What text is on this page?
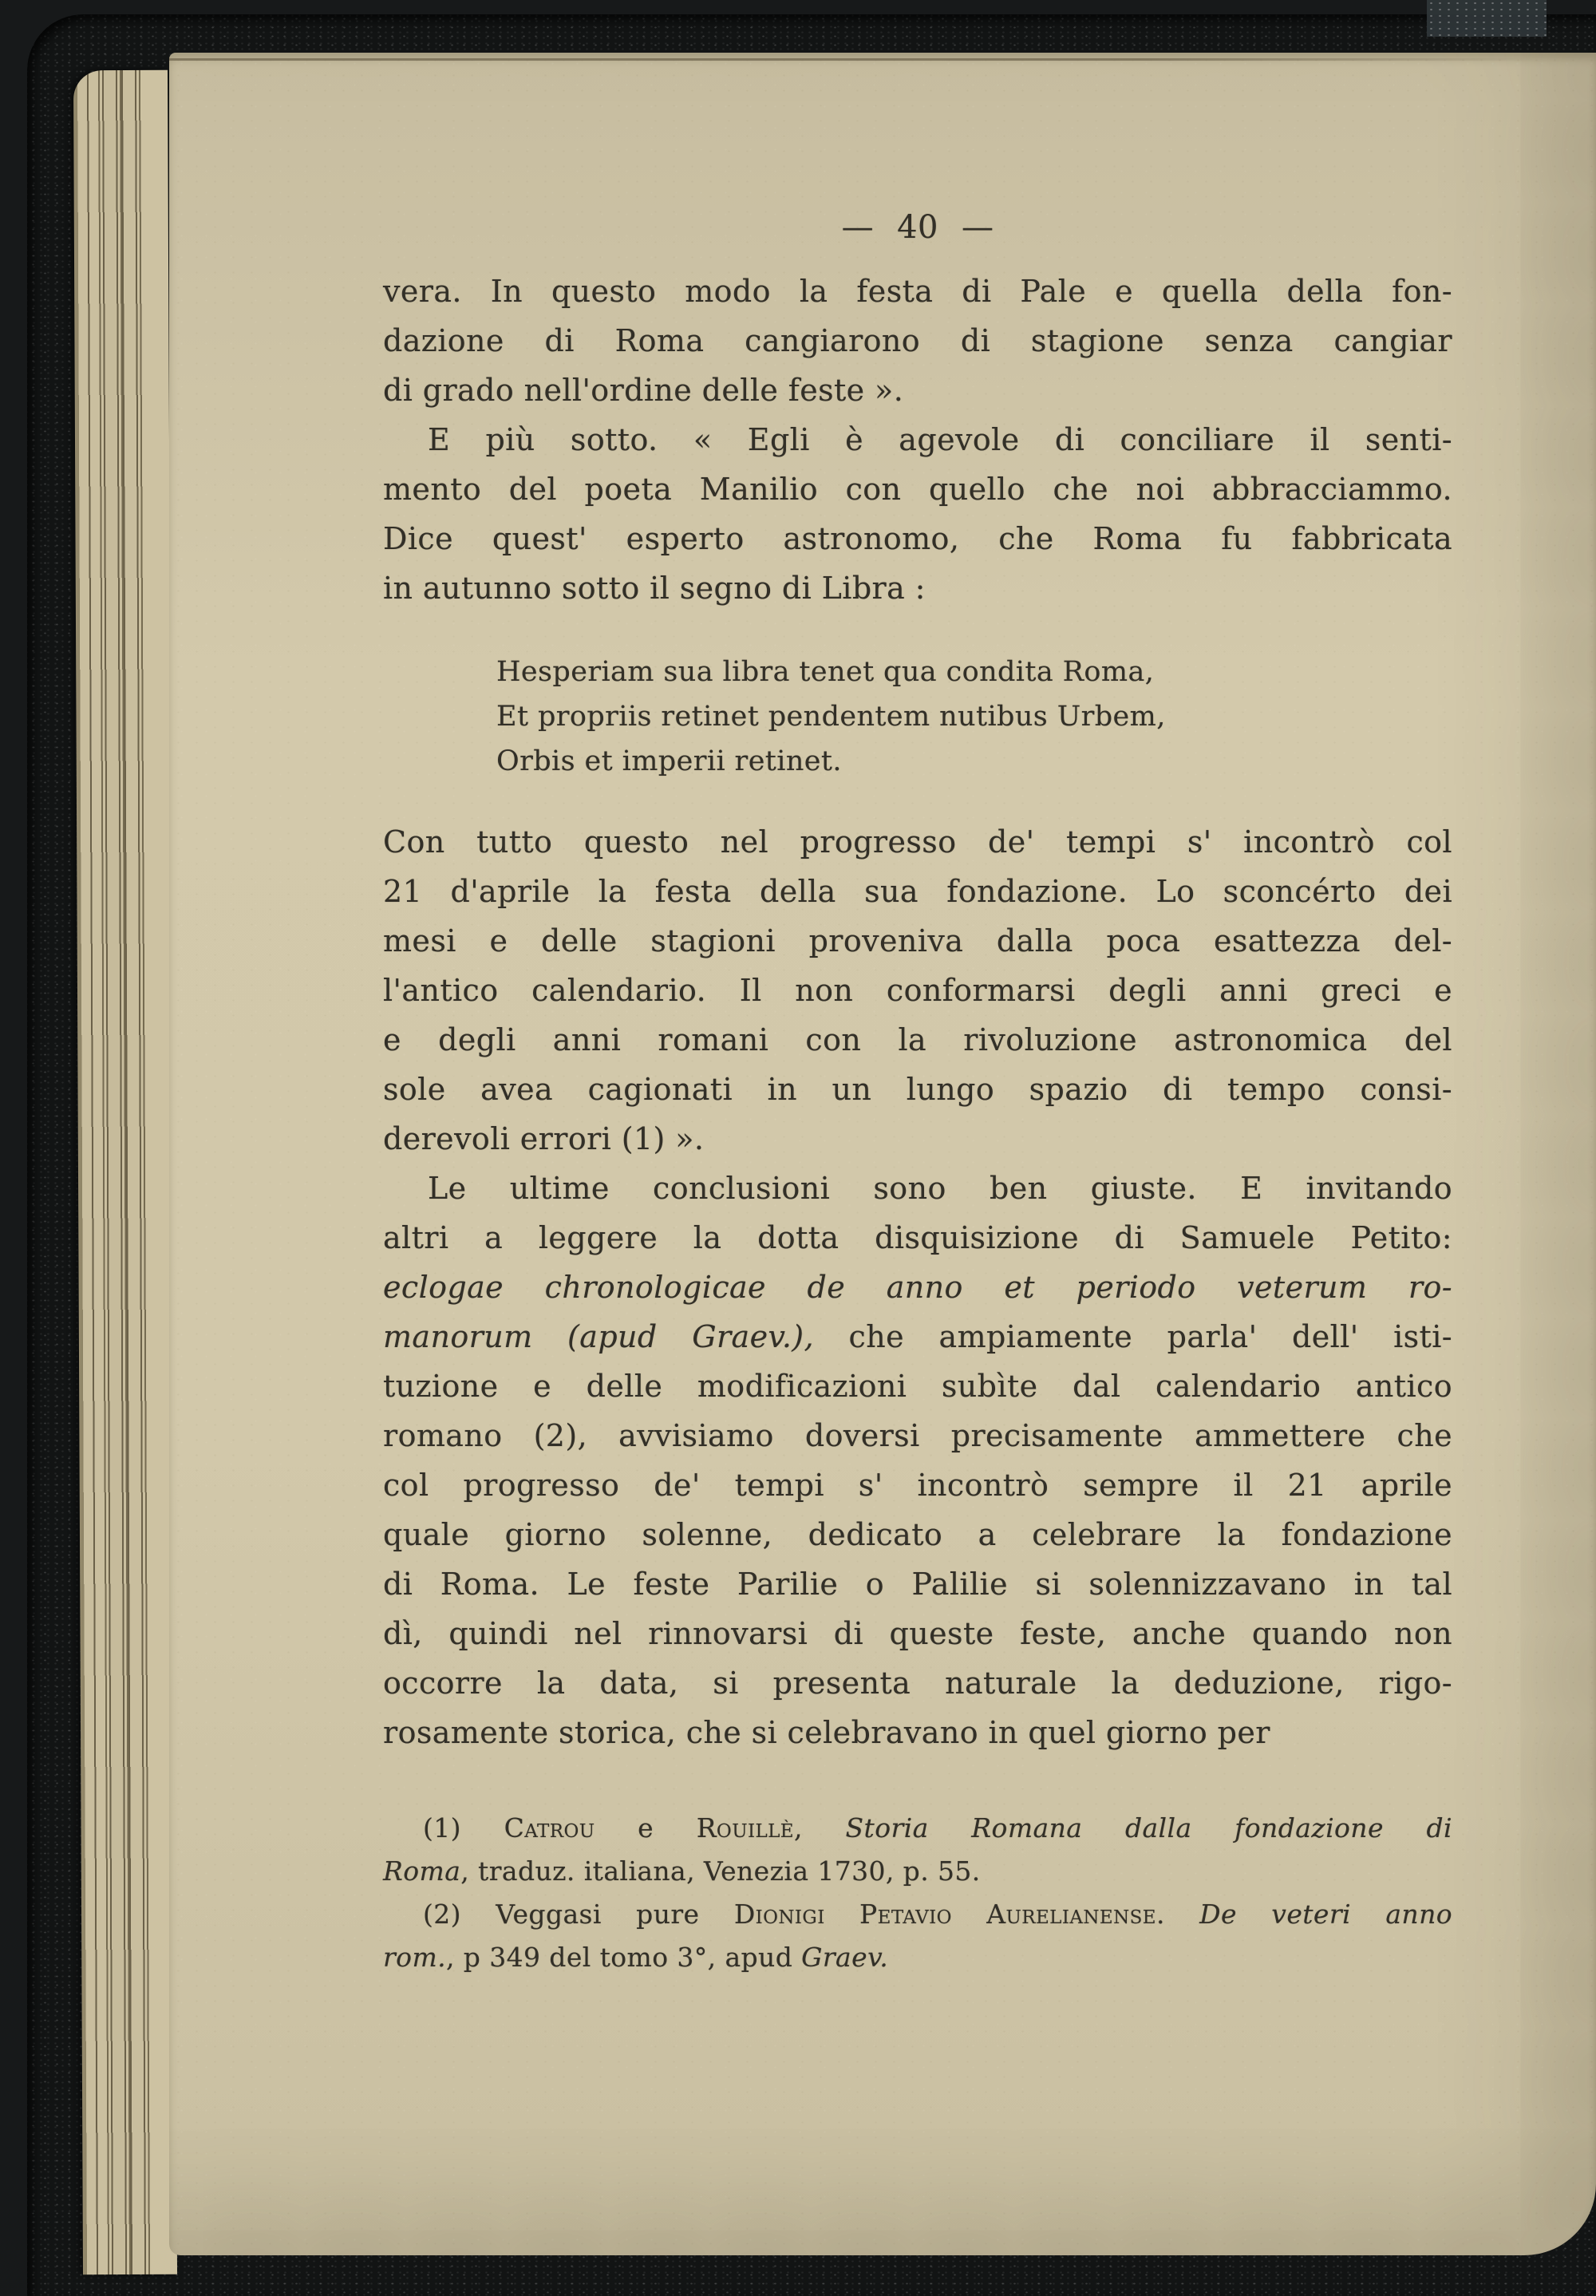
— 40 —
vera. In questo modo la festa di Pale e quella della fon-
dazione di Roma cangiarono di stagione senza cangiar
di grado nell'ordine delle feste ».
E più sotto. « Egli è agevole di conciliare il senti-
mento del poeta Manilio con quello che noi abbracciammo.
Dice quest' esperto astronomo, che Roma fu fabbricata
in autunno sotto il segno di Libra :
Hesperiam sua libra tenet qua condita Roma,
Et propriis retinet pendentem nutibus Urbem,
Orbis et imperii retinet.
Con tutto questo nel progresso de' tempi s' incontrò col
21 d'aprile la festa della sua fondazione. Lo sconcérto dei
mesi e delle stagioni proveniva dalla poca esattezza del-
l'antico calendario. Il non conformarsi degli anni greci e
e degli anni romani con la rivoluzione astronomica del
sole avea cagionati in un lungo spazio di tempo consi-
derevoli errori (1) ».
Le ultime conclusioni sono ben giuste. E invitando
altri a leggere la dotta disquisizione di Samuele Petito:
eclogae chronologicae de anno et periodo veterum ro-
manorum (apud Graev.), che ampiamente parla' dell' isti-
tuzione e delle modificazioni subìte dal calendario antico
romano (2), avvisiamo doversi precisamente ammettere che
col progresso de' tempi s' incontrò sempre il 21 aprile
quale giorno solenne, dedicato a celebrare la fondazione
di Roma. Le feste Parilie o Palilie si solennizzavano in tal
dì, quindi nel rinnovarsi di queste feste, anche quando non
occorre la data, si presenta naturale la deduzione, rigo-
rosamente storica, che si celebravano in quel giorno per
(1) Catrou e Rouillè, Storia Romana dalla fondazione di
Roma, traduz. italiana, Venezia 1730, p. 55.
(2) Veggasi pure Dionigi Petavio Aurelianense. De veteri anno
rom., p 349 del tomo 3°, apud Graev.
